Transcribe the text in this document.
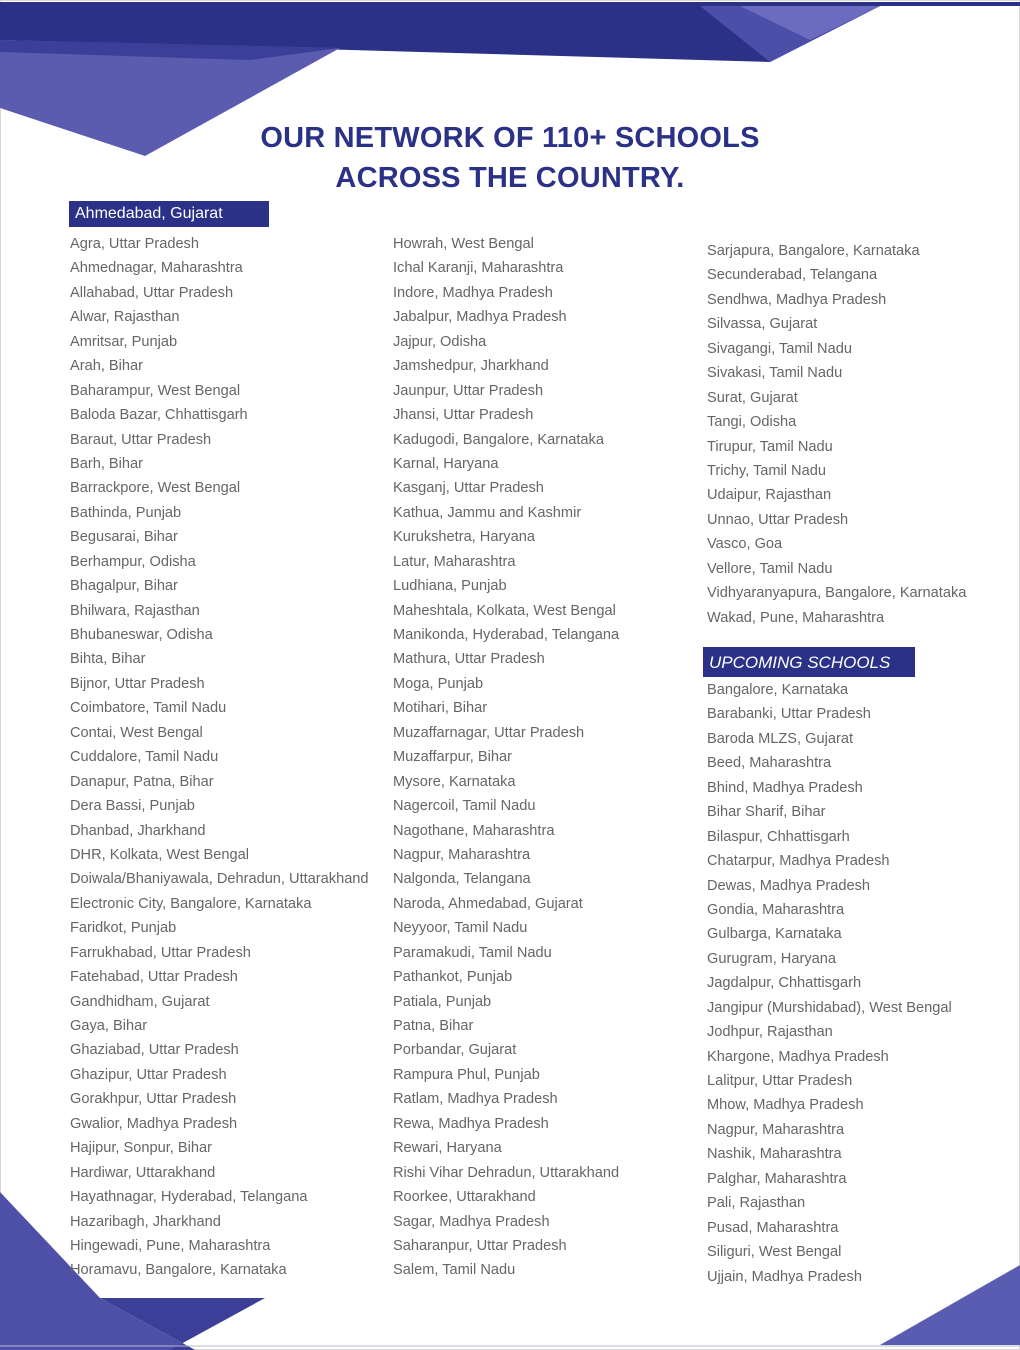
OUR NETWORK OF 110+ SCHOOLS
ACROSS THE COUNTRY.
Ahmedabad, Gujarat
Agra, Uttar Pradesh
Ahmednagar, Maharashtra
Allahabad, Uttar Pradesh
Alwar, Rajasthan
Amritsar, Punjab
Arah, Bihar
Baharampur, West Bengal
Baloda Bazar, Chhattisgarh
Baraut, Uttar Pradesh
Barh, Bihar
Barrackpore, West Bengal
Bathinda, Punjab
Begusarai, Bihar
Berhampur, Odisha
Bhagalpur, Bihar
Bhilwara, Rajasthan
Bhubaneswar, Odisha
Bihta, Bihar
Bijnor, Uttar Pradesh
Coimbatore, Tamil Nadu
Contai, West Bengal
Cuddalore, Tamil Nadu
Danapur, Patna, Bihar
Dera Bassi, Punjab
Dhanbad, Jharkhand
DHR, Kolkata, West Bengal
Doiwala/Bhaniyawala, Dehradun, Uttarakhand
Electronic City, Bangalore, Karnataka
Faridkot, Punjab
Farrukhabad, Uttar Pradesh
Fatehabad, Uttar Pradesh
Gandhidham, Gujarat
Gaya, Bihar
Ghaziabad, Uttar Pradesh
Ghazipur, Uttar Pradesh
Gorakhpur, Uttar Pradesh
Gwalior, Madhya Pradesh
Hajipur, Sonpur, Bihar
Hardiwar, Uttarakhand
Hayathnagar, Hyderabad, Telangana
Hazaribagh, Jharkhand
Hingewadi, Pune, Maharashtra
Horamavu, Bangalore, Karnataka
Howrah, West Bengal
Ichal Karanji, Maharashtra
Indore, Madhya Pradesh
Jabalpur, Madhya Pradesh
Jajpur, Odisha
Jamshedpur, Jharkhand
Jaunpur, Uttar Pradesh
Jhansi, Uttar Pradesh
Kadugodi, Bangalore, Karnataka
Karnal, Haryana
Kasganj, Uttar Pradesh
Kathua, Jammu and Kashmir
Kurukshetra, Haryana
Latur, Maharashtra
Ludhiana, Punjab
Maheshtala, Kolkata, West Bengal
Manikonda, Hyderabad, Telangana
Mathura, Uttar Pradesh
Moga, Punjab
Motihari, Bihar
Muzaffarnagar, Uttar Pradesh
Muzaffarpur, Bihar
Mysore, Karnataka
Nagercoil, Tamil Nadu
Nagothane, Maharashtra
Nagpur, Maharashtra
Nalgonda, Telangana
Naroda, Ahmedabad, Gujarat
Neyyoor, Tamil Nadu
Paramakudi, Tamil Nadu
Pathankot, Punjab
Patiala, Punjab
Patna, Bihar
Porbandar, Gujarat
Rampura Phul, Punjab
Ratlam, Madhya Pradesh
Rewa, Madhya Pradesh
Rewari, Haryana
Rishi Vihar Dehradun, Uttarakhand
Roorkee, Uttarakhand
Sagar, Madhya Pradesh
Saharanpur, Uttar Pradesh
Salem, Tamil Nadu
Sarjapura, Bangalore, Karnataka
Secunderabad, Telangana
Sendhwa, Madhya Pradesh
Silvassa, Gujarat
Sivagangi, Tamil Nadu
Sivakasi, Tamil Nadu
Surat, Gujarat
Tangi, Odisha
Tirupur, Tamil Nadu
Trichy, Tamil Nadu
Udaipur, Rajasthan
Unnao, Uttar Pradesh
Vasco, Goa
Vellore, Tamil Nadu
Vidhyaranyapura, Bangalore, Karnataka
Wakad, Pune, Maharashtra
UPCOMING SCHOOLS
Bangalore, Karnataka
Barabanki, Uttar Pradesh
Baroda MLZS, Gujarat
Beed, Maharashtra
Bhind, Madhya Pradesh
Bihar Sharif, Bihar
Bilaspur, Chhattisgarh
Chatarpur, Madhya Pradesh
Dewas, Madhya Pradesh
Gondia, Maharashtra
Gulbarga, Karnataka
Gurugram, Haryana
Jagdalpur, Chhattisgarh
Jangipur (Murshidabad), West Bengal
Jodhpur, Rajasthan
Khargone, Madhya Pradesh
Lalitpur, Uttar Pradesh
Mhow, Madhya Pradesh
Nagpur, Maharashtra
Nashik, Maharashtra
Palghar, Maharashtra
Pali, Rajasthan
Pusad, Maharashtra
Siliguri, West Bengal
Ujjain, Madhya Pradesh
